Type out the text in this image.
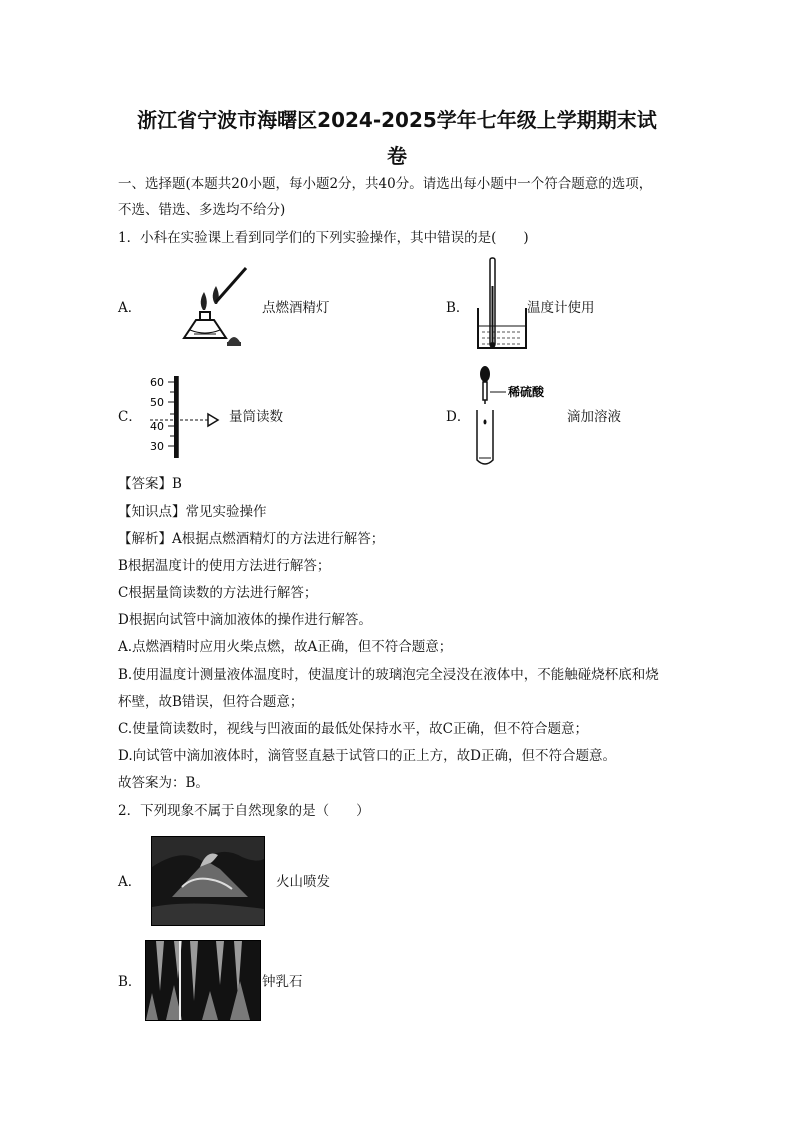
浙江省宁波市海曙区2024-2025学年七年级上学期期末试
卷
一、选择题(本题共20小题，每小题2分，共40分。请选出每小题中一个符合题意的选项，
不选、错选、多选均不给分)
1．小科在实验课上看到同学们的下列实验操作，其中错误的是(　　)
A．	点燃酒精灯	B．	温度计使用
C．
60
50
40
30
量筒读数	D．
稀硫酸
滴加溶液
【答案】B
【知识点】常见实验操作
【解析】A根据点燃酒精灯的方法进行解答；
B根据温度计的使用方法进行解答；
C根据量筒读数的方法进行解答；
D根据向试管中滴加液体的操作进行解答。
A.点燃酒精时应用火柴点燃，故A正确，但不符合题意；
B.使用温度计测量液体温度时，使温度计的玻璃泡完全浸没在液体中，不能触碰烧杯底和烧
杯壁，故B错误，但符合题意；
C.使量筒读数时，视线与凹液面的最低处保持水平，故C正确，但不符合题意；
D.向试管中滴加液体时，滴管竖直悬于试管口的正上方，故D正确，但不符合题意。
故答案为：B。
2．下列现象不属于自然现象的是（　　）
A．	火山喷发
B．	钟乳石
